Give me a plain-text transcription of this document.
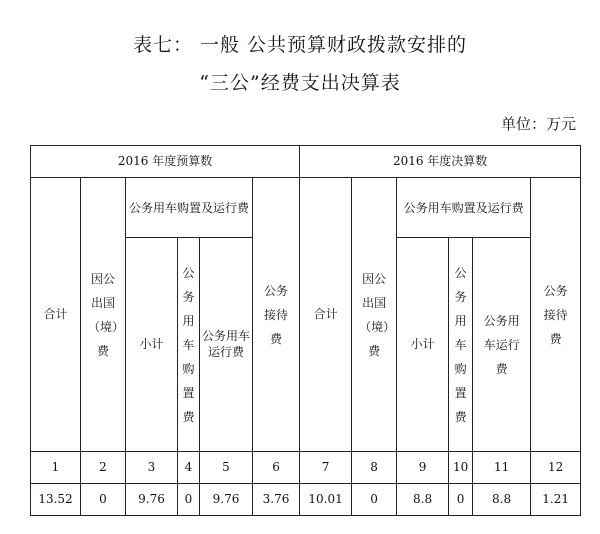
表七： 一般 公共预算财政拨款安排的
“三公”经费支出决算表
单位：万元
2016 年度预算数						2016 年度决算数					
合计	因公出国（境）费	公务用车购置及运行费			公务接待费	合计	因公出国（境）费	公务用车购置及运行费			公务接待费
		小计	公务用车购置费	公务用车运行费				小计	公务用车购置费	公务用车运行费	
1	2	3	4	5	6	7	8	9	10	11	12
13.52	0	9.76	0	9.76	3.76	10.01	0	8.8	0	8.8	1.21
